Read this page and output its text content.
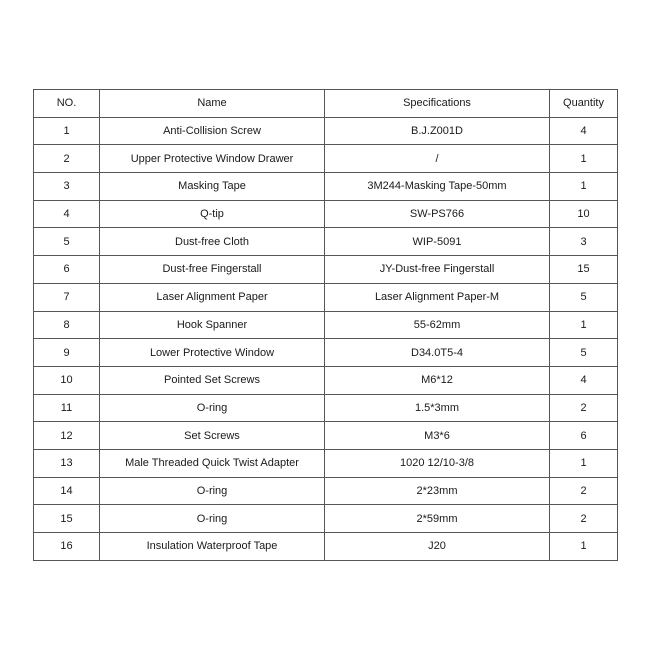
NO.	Name	Specifications	Quantity
1	Anti-Collision Screw	B.J.Z001D	4
2	Upper Protective Window Drawer	/	1
3	Masking Tape	3M244-Masking Tape-50mm	1
4	Q-tip	SW-PS766	10
5	Dust-free Cloth	WIP-5091	3
6	Dust-free Fingerstall	JY-Dust-free Fingerstall	15
7	Laser Alignment Paper	Laser Alignment Paper-M	5
8	Hook Spanner	55-62mm	1
9	Lower Protective Window	D34.0T5-4	5
10	Pointed Set Screws	M6*12	4
11	O-ring	1.5*3mm	2
12	Set Screws	M3*6	6
13	Male Threaded Quick Twist Adapter	1020 12/10-3/8	1
14	O-ring	2*23mm	2
15	O-ring	2*59mm	2
16	Insulation Waterproof Tape	J20	1
